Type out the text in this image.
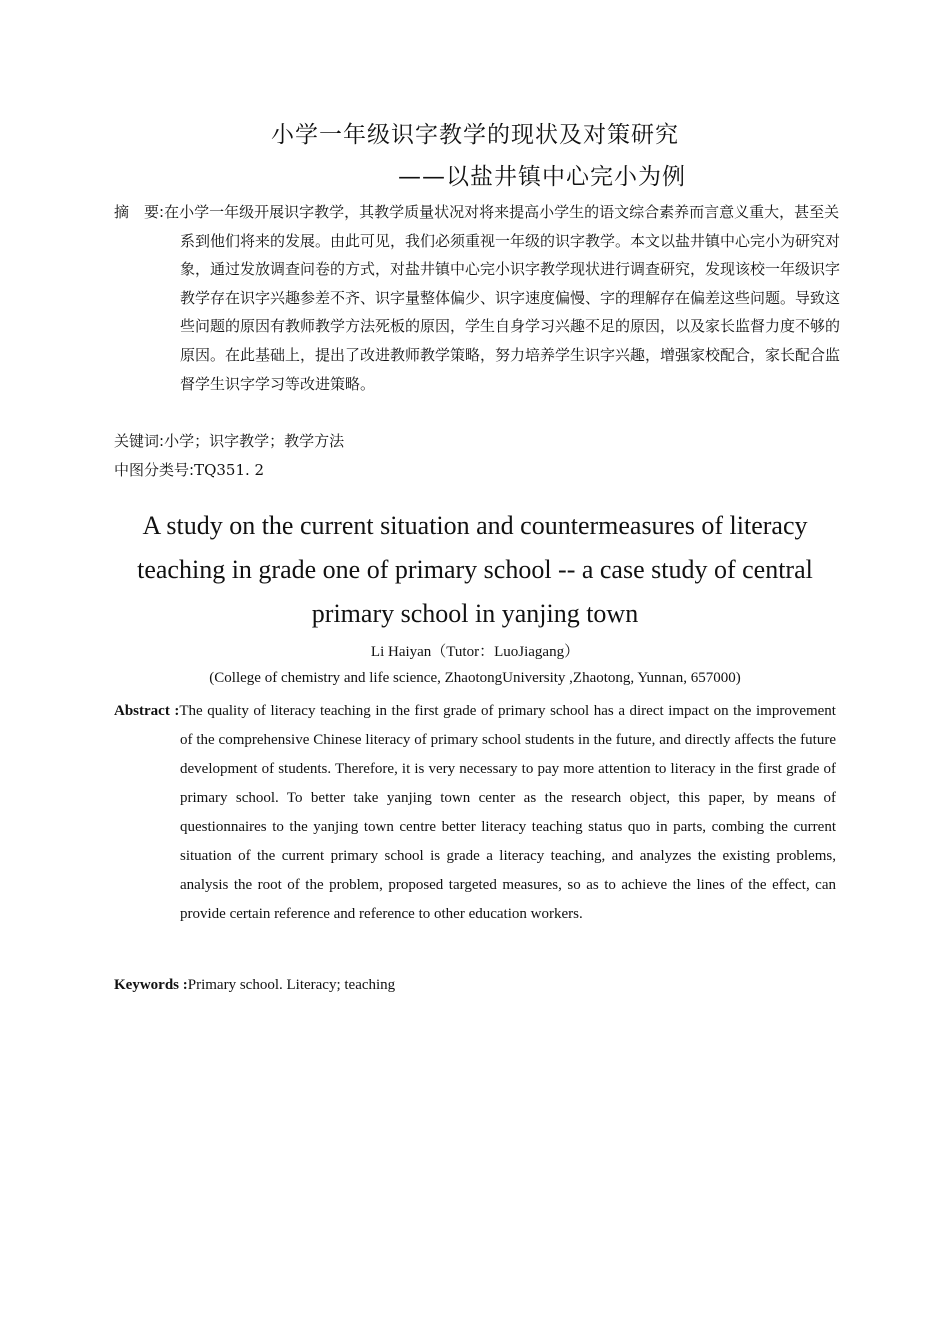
小学一年级识字教学的现状及对策研究
——以盐井镇中心完小为例
摘　要:在小学一年级开展识字教学，其教学质量状况对将来提高小学生的语文综合素养而言意义重大，甚至关系到他们将来的发展。由此可见，我们必须重视一年级的识字教学。本文以盐井镇中心完小为研究对象，通过发放调查问卷的方式，对盐井镇中心完小识字教学现状进行调查研究，发现该校一年级识字教学存在识字兴趣参差不齐、识字量整体偏少、识字速度偏慢、字的理解存在偏差这些问题。导致这些问题的原因有教师教学方法死板的原因，学生自身学习兴趣不足的原因，以及家长监督力度不够的原因。在此基础上，提出了改进教师教学策略，努力培养学生识字兴趣，增强家校配合，家长配合监督学生识字学习等改进策略。
关键词:小学；识字教学；教学方法
中图分类号:TQ351. 2
A study on the current situation and countermeasures of literacy teaching in grade one of primary school -- a case study of central primary school in yanjing town
Li Haiyan（Tutor：LuoJiagang）
(College of chemistry and life science, ZhaotongUniversity ,Zhaotong, Yunnan, 657000)
Abstract :The quality of literacy teaching in the first grade of primary school has a direct impact on the improvement of the comprehensive Chinese literacy of primary school students in the future, and directly affects the future development of students. Therefore, it is very necessary to pay more attention to literacy in the first grade of primary school. To better take yanjing town center as the research object, this paper, by means of questionnaires to the yanjing town centre better literacy teaching status quo in parts, combing the current situation of the current primary school is grade a literacy teaching, and analyzes the existing problems, analysis the root of the problem, proposed targeted measures, so as to achieve the lines of the effect, can provide certain reference and reference to other education workers.
Keywords :Primary school. Literacy; teaching
